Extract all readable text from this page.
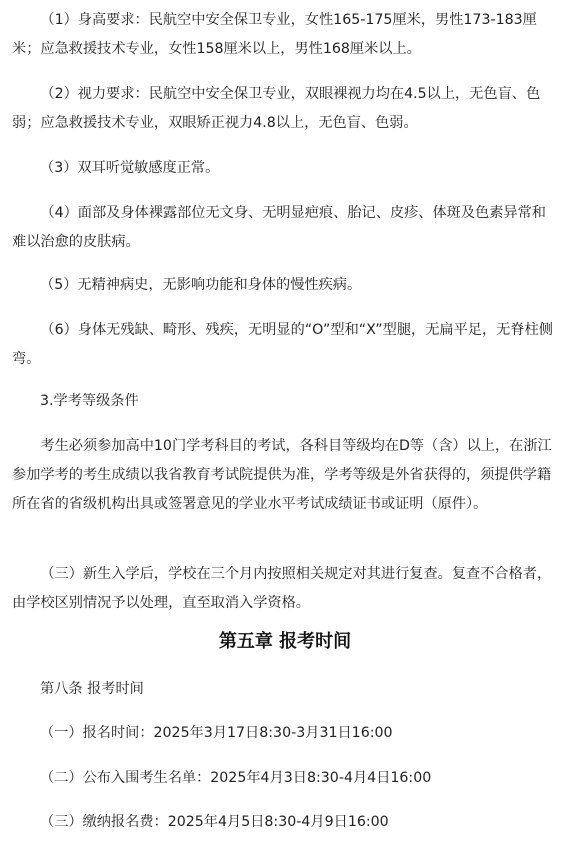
（1）身高要求：民航空中安全保卫专业，女性165-175厘米，男性173-183厘米；应急救援技术专业，女性158厘米以上，男性168厘米以上。

（2）视力要求：民航空中安全保卫专业，双眼裸视力均在4.5以上，无色盲、色弱；应急救援技术专业，双眼矫正视力4.8以上，无色盲、色弱。

（3）双耳听觉敏感度正常。

（4）面部及身体裸露部位无文身、无明显疤痕、胎记、皮疹、体斑及色素异常和难以治愈的皮肤病。

（5）无精神病史，无影响功能和身体的慢性疾病。

（6）身体无残缺、畸形、残疾，无明显的“O”型和“X”型腿，无扁平足，无脊柱侧弯。

3.学考等级条件

考生必须参加高中10门学考科目的考试，各科目等级均在D等（含）以上，在浙江参加学考的考生成绩以我省教育考试院提供为准，学考等级是外省获得的，须提供学籍所在省的省级机构出具或签署意见的学业水平考试成绩证书或证明（原件）。

（三）新生入学后，学校在三个月内按照相关规定对其进行复查。复查不合格者，由学校区别情况予以处理，直至取消入学资格。

第五章 报考时间

第八条 报考时间

（一）报名时间：2025年3月17日8:30-3月31日16:00

（二）公布入围考生名单：2025年4月3日8:30-4月4日16:00

（三）缴纳报名费：2025年4月5日8:30-4月9日16:00
